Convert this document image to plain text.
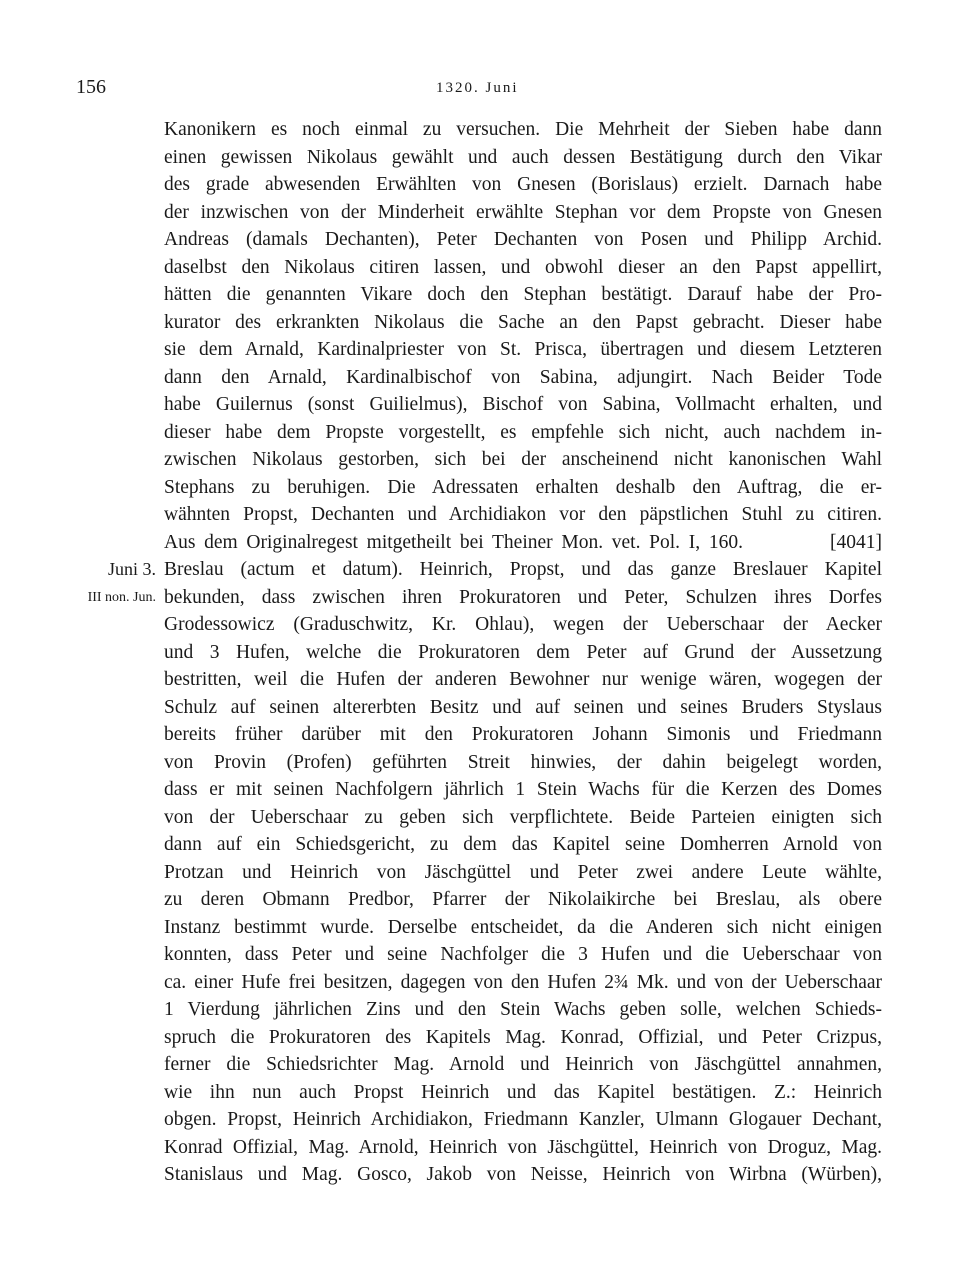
156	1320. Juni
Kanonikern es noch einmal zu versuchen. Die Mehrheit der Sieben habe dann
einen gewissen Nikolaus gewählt und auch dessen Bestätigung durch den Vikar
des grade abwesenden Erwählten von Gnesen (Borislaus) erzielt. Darnach habe
der inzwischen von der Minderheit erwählte Stephan vor dem Propste von Gnesen
Andreas (damals Dechanten), Peter Dechanten von Posen und Philipp Archid.
daselbst den Nikolaus citiren lassen, und obwohl dieser an den Papst appellirt,
hätten die genannten Vikare doch den Stephan bestätigt. Darauf habe der Pro-
kurator des erkrankten Nikolaus die Sache an den Papst gebracht. Dieser habe
sie dem Arnald, Kardinalpriester von St. Prisca, übertragen und diesem Letzteren
dann den Arnald, Kardinalbischof von Sabina, adjungirt. Nach Beider Tode
habe Guilernus (sonst Guilielmus), Bischof von Sabina, Vollmacht erhalten, und
dieser habe dem Propste vorgestellt, es empfehle sich nicht, auch nachdem in-
zwischen Nikolaus gestorben, sich bei der anscheinend nicht kanonischen Wahl
Stephans zu beruhigen. Die Adressaten erhalten deshalb den Auftrag, die er-
wähnten Propst, Dechanten und Archidiakon vor den päpstlichen Stuhl zu citiren.
Aus dem Originalregest mitgetheilt bei Theiner Mon. vet. Pol. I, 160.          [4041]
Juni 3. Breslau (actum et datum). Heinrich, Propst, und das ganze Breslauer Kapitel
III non. Jun. bekunden, dass zwischen ihren Prokuratoren und Peter, Schulzen ihres Dorfes
Grodessowicz (Graduschwitz, Kr. Ohlau), wegen der Ueberschaar der Aecker
und 3 Hufen, welche die Prokuratoren dem Peter auf Grund der Aussetzung
bestritten, weil die Hufen der anderen Bewohner nur wenige wären, wogegen der
Schulz auf seinen altererbten Besitz und auf seinen und seines Bruders Styslaus
bereits früher darüber mit den Prokuratoren Johann Simonis und Friedmann
von Provin (Profen) geführten Streit hinwies, der dahin beigelegt worden,
dass er mit seinen Nachfolgern jährlich 1 Stein Wachs für die Kerzen des Domes
von der Ueberschaar zu geben sich verpflichtete. Beide Parteien einigten sich
dann auf ein Schiedsgericht, zu dem das Kapitel seine Domherren Arnold von
Protzan und Heinrich von Jäschgüttel und Peter zwei andere Leute wählte,
zu deren Obmann Predbor, Pfarrer der Nikolaikirche bei Breslau, als obere
Instanz bestimmt wurde. Derselbe entscheidet, da die Anderen sich nicht einigen
konnten, dass Peter und seine Nachfolger die 3 Hufen und die Ueberschaar von
ca. einer Hufe frei besitzen, dagegen von den Hufen 2¾ Mk. und von der Ueberschaar
1 Vierdung jährlichen Zins und den Stein Wachs geben solle, welchen Schieds-
spruch die Prokuratoren des Kapitels Mag. Konrad, Offizial, und Peter Crizpus,
ferner die Schiedsrichter Mag. Arnold und Heinrich von Jäschgüttel annahmen,
wie ihn nun auch Propst Heinrich und das Kapitel bestätigen. Z.: Heinrich
obgen. Propst, Heinrich Archidiakon, Friedmann Kanzler, Ulmann Glogauer Dechant,
Konrad Offizial, Mag. Arnold, Heinrich von Jäschgüttel, Heinrich von Droguz, Mag.
Stanislaus und Mag. Gosco, Jakob von Neisse, Heinrich von Wirbna (Würben),
